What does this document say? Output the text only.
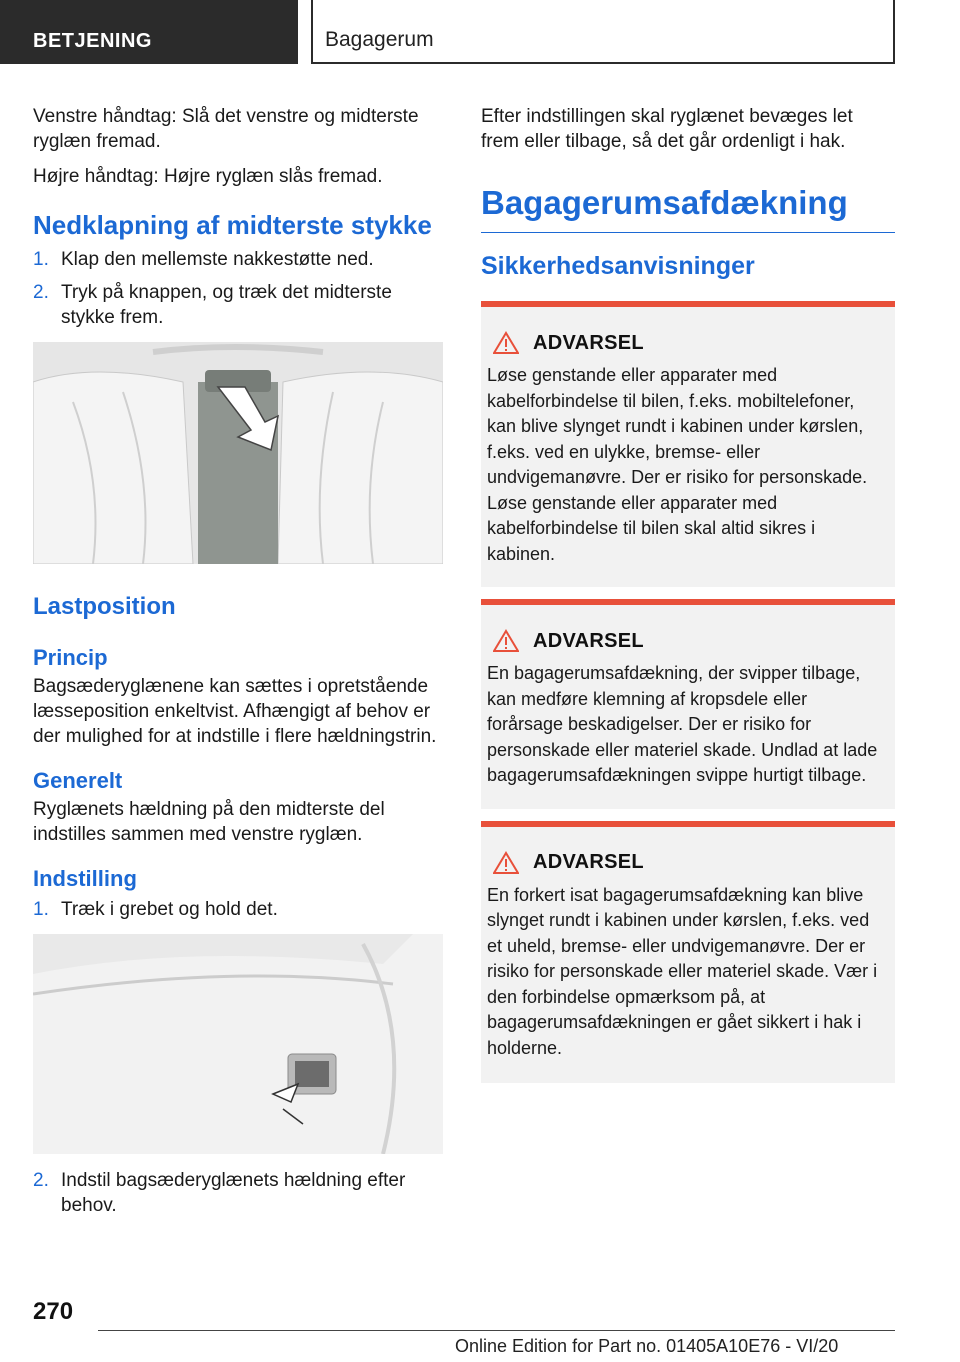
BETJENING	Bagagerum

Venstre håndtag: Slå det venstre og midterste ryglæn fremad.

Højre håndtag: Højre ryglæn slås fremad.

Nedklapning af midterste stykke
1. Klap den mellemste nakkestøtte ned.
2. Tryk på knappen, og træk det midterste stykke frem.
Lastposition
Princip

Bagsæderyglænene kan sættes i opretstående læsseposition enkeltvist. Afhængigt af behov er der mulighed for at indstille i flere hældningstrin.

Generelt

Ryglænets hældning på den midterste del indstilles sammen med venstre ryglæn.

Indstilling
1. Træk i grebet og hold det.
2. Indstil bagsæderyglænets hældning efter behov.

Efter indstillingen skal ryglænet bevæges let frem eller tilbage, så det går ordenligt i hak.

Bagagerumsafdækning
Sikkerhedsanvisninger
ADVARSEL
Løse genstande eller apparater med kabelforbindelse til bilen, f.eks. mobiltelefoner, kan blive slynget rundt i kabinen under kørslen, f.eks. ved en ulykke, bremse- eller undvigemanøvre. Der er risiko for personskade. Løse genstande eller apparater med kabelforbindelse til bilen skal altid sikres i kabinen.
ADVARSEL
En bagagerumsafdækning, der svipper tilbage, kan medføre klemning af kropsdele eller forårsage beskadigelser. Der er risiko for personskade eller materiel skade. Undlad at lade bagagerumsafdækningen svippe hurtigt tilbage.
ADVARSEL
En forkert isat bagagerumsafdækning kan blive slynget rundt i kabinen under kørslen, f.eks. ved et uheld, bremse- eller undvigemanøvre. Der er risiko for personskade eller materiel skade. Vær i den forbindelse opmærksom på, at bagagerumsafdækningen er gået sikkert i hak i holderne.
270
Online Edition for Part no. 01405A10E76 - VI/20
